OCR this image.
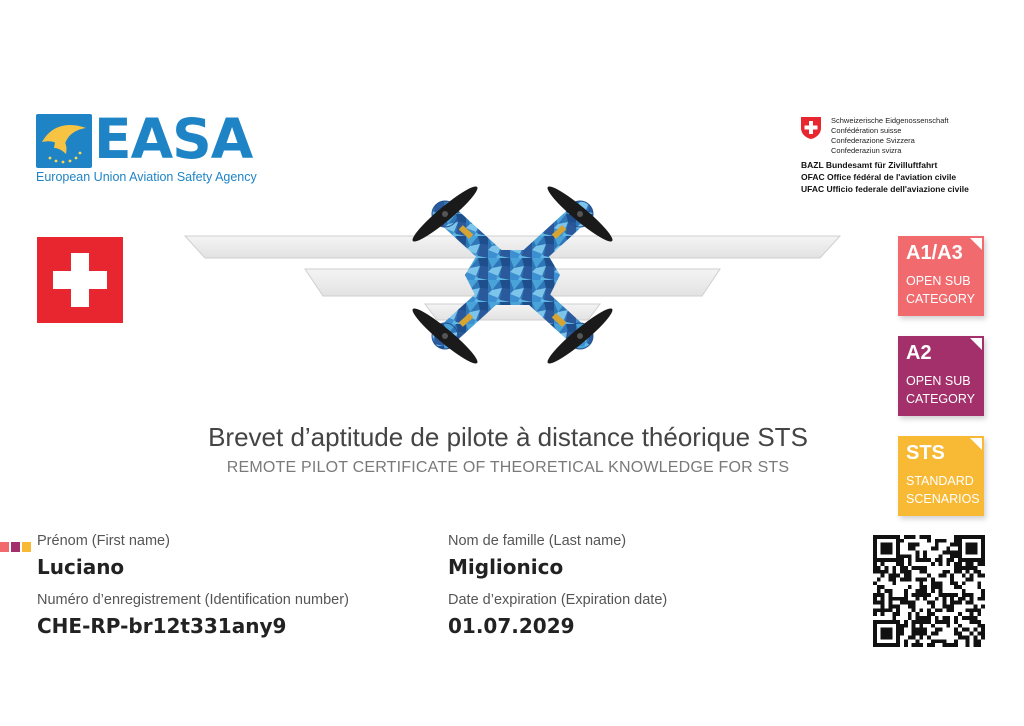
EASA
European Union Aviation Safety Agency
Schweizerische Eidgenossenschaft
Confédération suisse
Confederazione Svizzera
Confederaziun svizra
BAZL Bundesamt für Zivilluftfahrt
OFAC Office fédéral de l'aviation civile
UFAC Ufficio federale dell'aviazione civile
Brevet d’aptitude de pilote à distance théorique STS
REMOTE PILOT CERTIFICATE OF THEORETICAL KNOWLEDGE FOR STS
A1/A3
OPEN SUB
CATEGORY
A2
OPEN SUB
CATEGORY
STS
STANDARD
SCENARIOS
Prénom (First name)
Luciano
Numéro d’enregistrement (Identification number)
CHE-RP-br12t331any9
Nom de famille (Last name)
Miglionico
Date d’expiration (Expiration date)
01.07.2029
